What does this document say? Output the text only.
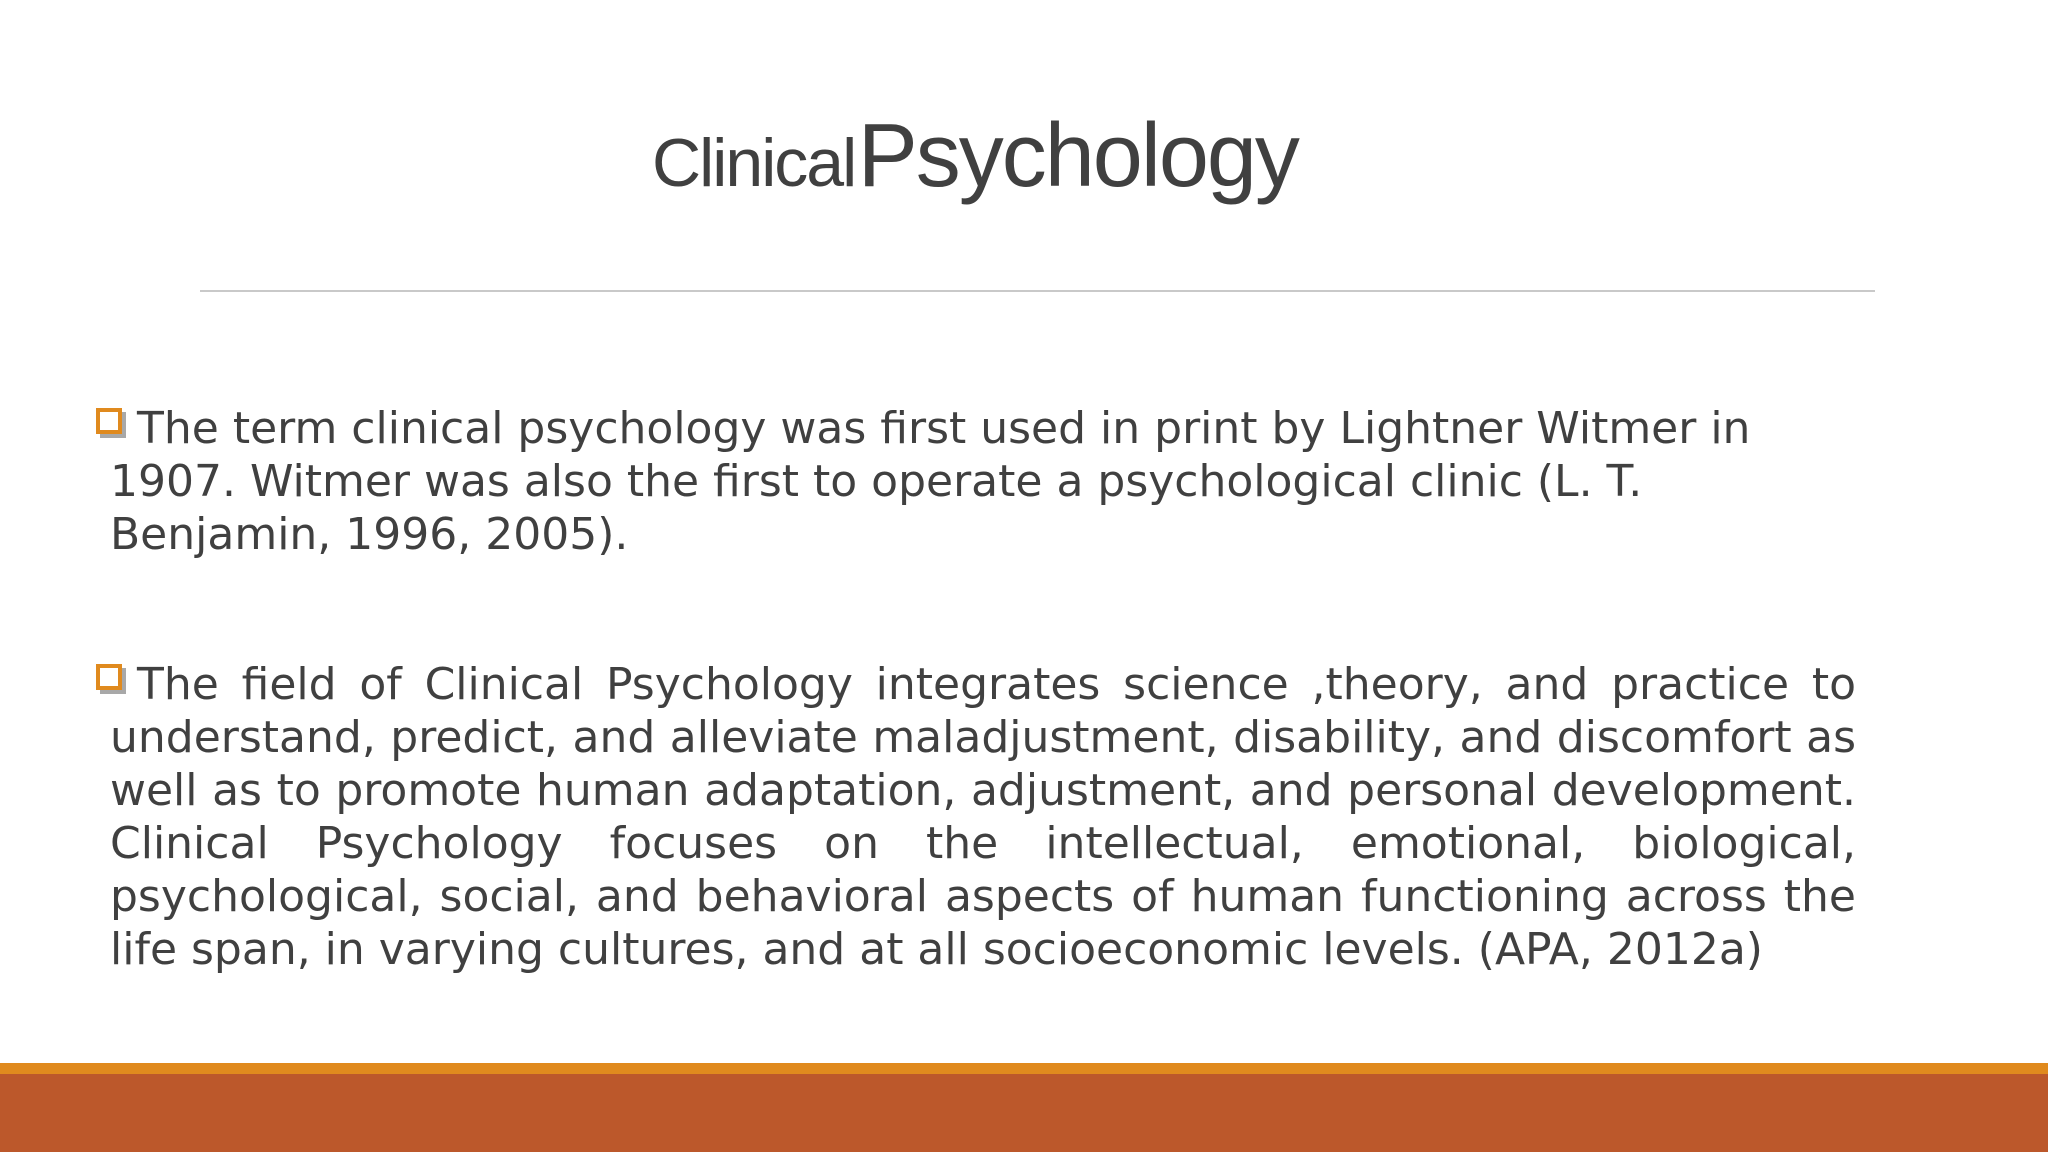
Clinical Psychology
The term clinical psychology was first used in print by Lightner Witmer in 1907. Witmer was also the first to operate a psychological clinic (L. T. Benjamin, 1996, 2005).
The field of Clinical Psychology integrates science ,theory, and practice to understand, predict, and alleviate maladjustment, disability, and discomfort as well as to promote human adaptation, adjustment, and personal development. Clinical Psychology focuses on the intellectual, emotional, biological, psychological, social, and behavioral aspects of human functioning across the life span, in varying cultures, and at all socioeconomic levels. (APA, 2012a)
